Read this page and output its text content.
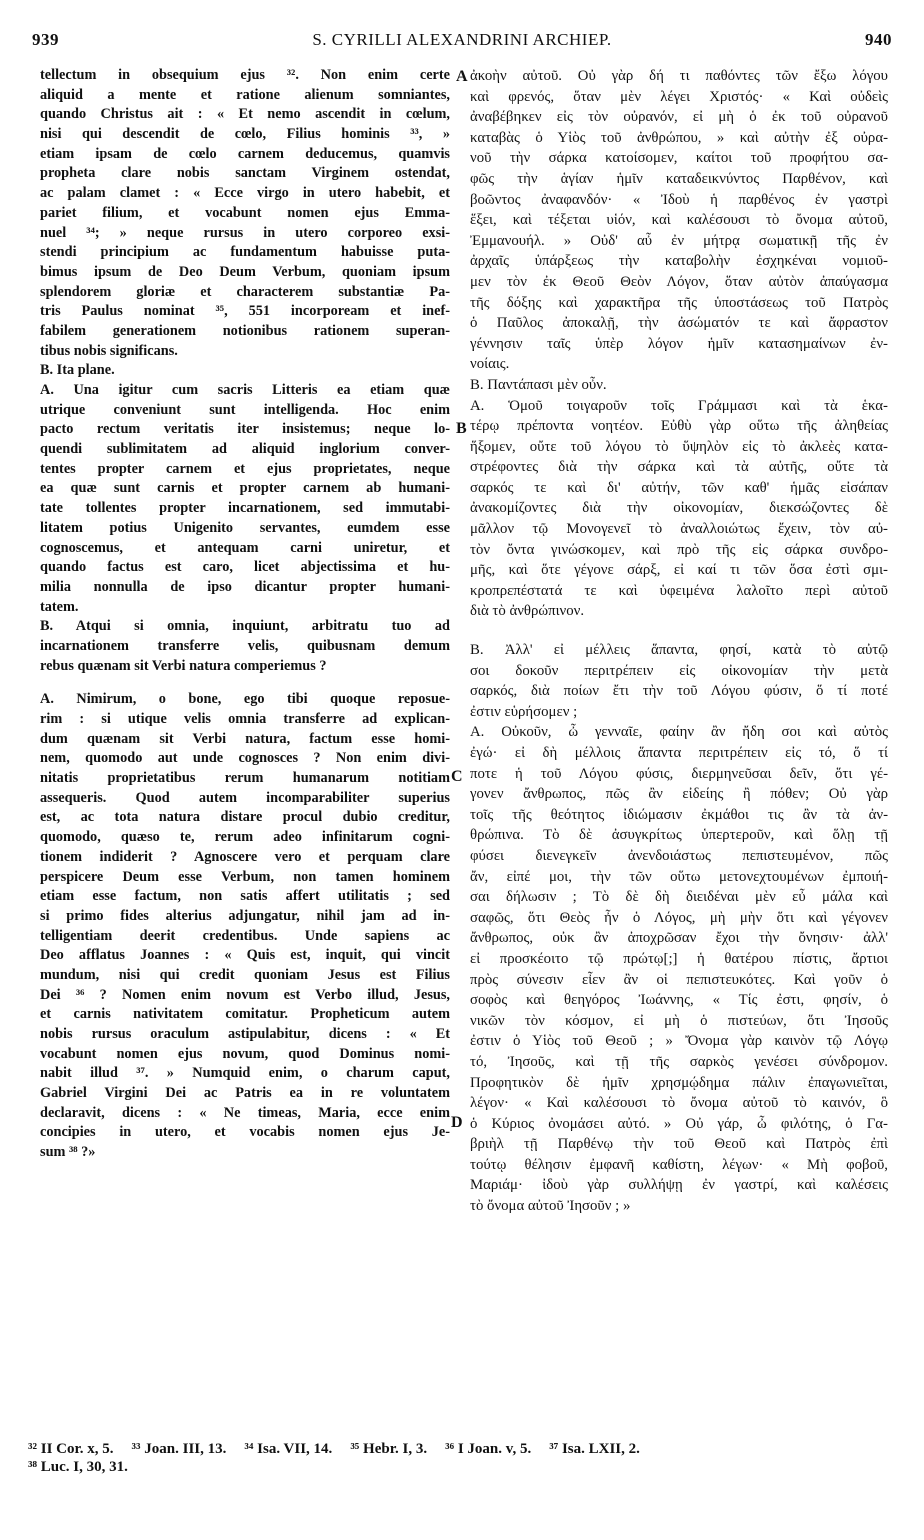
939	S. CYRILLI ALEXANDRINI ARCHIEP.	940
tellectum in obsequium ejus ³². Non enim certe
aliquid a mente et ratione alienum somniantes,
quando Christus ait : « Et nemo ascendit in cœlum,
nisi qui descendit de cœlo, Filius hominis ³³, »
etiam ipsam de cœlo carnem deducemus, quamvis
propheta clare nobis sanctam Virginem ostendat,
ac palam clamet : « Ecce virgo in utero habebit, et
pariet filium, et vocabunt nomen ejus Emma-
nuel ³⁴; » neque rursus in utero corporeo exsi-
stendi principium ac fundamentum habuisse puta-
bimus ipsum de Deo Deum Verbum, quoniam ipsum
splendorem gloriæ et characterem substantiæ Pa-
tris Paulus nominat ³⁵, 551 incorpoream et inef-
fabilem generationem notionibus rationem superan-
tibus nobis significans.
B. Ita plane.
A. Una igitur cum sacris Litteris ea etiam quæ
utrique conveniunt sunt intelligenda. Hoc enim
pacto rectum veritatis iter insistemus; neque lo-
quendi sublimitatem ad aliquid inglorium conver-
tentes propter carnem et ejus proprietates, neque
ea quæ sunt carnis et propter carnem ab humani-
tate tollentes propter incarnationem, sed immutabi-
litatem potius Unigenito servantes, eumdem esse
cognoscemus, et antequam carni uniretur, et
quando factus est caro, licet abjectissima et hu-
milia nonnulla de ipso dicantur propter humani-
tatem.
B. Atqui si omnia, inquiunt, arbitratu tuo ad
incarnationem transferre velis, quibusnam demum
rebus quænam sit Verbi natura comperiemus ?
A. Nimirum, o bone, ego tibi quoque reposue-
rim : si utique velis omnia transferre ad explican-
dum quænam sit Verbi natura, factum esse homi-
nem, quomodo aut unde cognosces ? Non enim divi-
nitatis proprietatibus rerum humanarum notitiam
assequeris. Quod autem incomparabiliter superius
est, ac tota natura distare procul dubio creditur,
quomodo, quæso te, rerum adeo infinitarum cogni-
tionem indiderit ? Agnoscere vero et perquam clare
perspicere Deum esse Verbum, non tamen hominem
etiam esse factum, non satis affert utilitatis ; sed
si primo fides alterius adjungatur, nihil jam ad in-
telligentiam deerit credentibus. Unde sapiens ac
Deo afflatus Joannes : « Quis est, inquit, qui vincit
mundum, nisi qui credit quoniam Jesus est Filius
Dei ³⁶ ? Nomen enim novum est Verbo illud, Jesus,
et carnis nativitatem comitatur. Propheticum autem
nobis rursus oraculum astipulabitur, dicens : « Et
vocabunt nomen ejus novum, quod Dominus nomi-
nabit illud ³⁷. » Numquid enim, o charum caput,
Gabriel Virgini Dei ac Patris ea in re voluntatem
declaravit, dicens : « Ne timeas, Maria, ecce enim
concipies in utero, et vocabis nomen ejus Je-
sum ³⁸ ?»
ἀκοὴν αὐτοῦ. Οὐ γὰρ δή τι παθόντες τῶν ἔξω λόγου
καὶ φρενός, ὅταν μὲν λέγει Χριστός· « Καὶ οὐδεὶς
ἀναβέβηκεν εἰς τὸν οὐρανόν, εἰ μὴ ὁ ἐκ τοῦ οὐρανοῦ
καταβὰς ὁ Υἱὸς τοῦ ἀνθρώπου, » καὶ αὐτὴν ἐξ οὐρα-
νοῦ τὴν σάρκα κατοίσομεν, καίτοι τοῦ προφήτου σα-
φῶς τὴν ἁγίαν ἡμῖν καταδεικνύντος Παρθένον, καὶ
βοῶντος ἀναφανδόν· « Ἰδοὺ ἡ παρθένος ἐν γαστρὶ
ἕξει, καὶ τέξεται υἱόν, καὶ καλέσουσι τὸ ὄνομα αὐτοῦ,
Ἐμμανουήλ. » Οὐδ' αὖ ἐν μήτρᾳ σωματικῇ τῆς ἐν
ἀρχαῖς ὑπάρξεως τὴν καταβολὴν ἐσχηκέναι νομιοῦ-
μεν τὸν ἐκ Θεοῦ Θεὸν Λόγον, ὅταν αὐτὸν ἀπαύγασμα
τῆς δόξης καὶ χαρακτῆρα τῆς ὑποστάσεως τοῦ Πατρὸς
ὁ Παῦλος ἀποκαλῇ, τὴν ἀσώματόν τε καὶ ἄφραστον
γέννησιν ταῖς ὑπὲρ λόγον ἡμῖν κατασημαίνων ἐν-
νοίαις.
Β. Παντάπασι μὲν οὖν.
Α. Ὁμοῦ τοιγαροῦν τοῖς Γράμμασι καὶ τὰ ἑκα-
τέρῳ πρέποντα νοητέον. Εὐθὺ γὰρ οὕτω τῆς ἀληθείας
ἥξομεν, οὔτε τοῦ λόγου τὸ ὕψηλὸν εἰς τὸ ἀκλεὲς κατα-
στρέφοντες διὰ τὴν σάρκα καὶ τὰ αὐτῆς, οὔτε τὰ
σαρκός τε καὶ δι' αὐτήν, τῶν καθ' ἡμᾶς εἰσάπαν
ἀνακομίζοντες διὰ τὴν οἰκονομίαν, διεκσώζοντες δὲ
μᾶλλον τῷ Μονογενεῖ τὸ ἀναλλοιώτως ἔχειν, τὸν αὐ-
τὸν ὄντα γινώσκομεν, καὶ πρὸ τῆς εἰς σάρκα συνδρο-
μῆς, καὶ ὅτε γέγονε σάρξ, εἰ καί τι τῶν ὅσα ἐστὶ σμι-
κροπρεπέστατά τε καὶ ὑφειμένα λαλοῖτο περὶ αὐτοῦ
διὰ τὸ ἀνθρώπινον.
Β. Ἀλλ' εἰ μέλλεις ἅπαντα, φησί, κατὰ τὸ αὐτῷ
σοι δοκοῦν περιτρέπειν εἰς οἰκονομίαν τὴν μετὰ
σαρκός, διὰ ποίων ἔτι τὴν τοῦ Λόγου φύσιν, ὅ τί ποτέ
ἐστιν εὑρήσομεν ;
Α. Οὐκοῦν, ὦ γενναῖε, φαίην ἂν ἤδη σοι καὶ αὐτὸς
ἐγώ· εἰ δὴ μέλλοις ἅπαντα περιτρέπειν εἰς τό, ὅ τί
ποτε ἡ τοῦ Λόγου φύσις, διερμηνεῦσαι δεῖν, ὅτι γέ-
γονεν ἄνθρωπος, πῶς ἂν εἰδείης ἢ πόθεν; Οὐ γὰρ
τοῖς τῆς θεότητος ἰδιώμασιν ἐκμάθοι τις ἂν τὰ ἀν-
θρώπινα. Τὸ δὲ ἀσυγκρίτως ὑπερτεροῦν, καὶ ὅλῃ τῇ
φύσει διενεγκεῖν ἀνενδοιάστως πεπιστευμένον, πῶς
ἄν, εἰπέ μοι, τὴν τῶν οὕτω μετονεχτουμένων ἐμποιή-
σαι δήλωσιν ; Τὸ δὲ δὴ διειδέναι μὲν εὖ μάλα καὶ
σαφῶς, ὅτι Θεὸς ἦν ὁ Λόγος, μὴ μὴν ὅτι καὶ γέγονεν
ἄνθρωπος, οὐκ ἂν ἀποχρῶσαν ἔχοι τὴν ὄνησιν· ἀλλ'
εἰ προσκέοιτο τῷ πρώτῳ[;] ἡ θατέρου πίστις, ἄρτιοι
πρὸς σύνεσιν εἶεν ἂν οἱ πεπιστευκότες. Καὶ γοῦν ὁ
σοφὸς καὶ θεηγόρος Ἰωάννης, « Τίς ἐστι, φησίν, ὁ
νικῶν τὸν κόσμον, εἰ μὴ ὁ πιστεύων, ὅτι Ἰησοῦς
ἐστιν ὁ Υἱὸς τοῦ Θεοῦ ; » Ὄνομα γὰρ καινὸν τῷ Λόγῳ
τό, Ἰησοῦς, καὶ τῇ τῆς σαρκὸς γενέσει σύνδρομον.
Προφητικὸν δὲ ἡμῖν χρησμῴδημα πάλιν ἐπαγωνιεῖται,
λέγον· « Καὶ καλέσουσι τὸ ὄνομα αὐτοῦ τὸ καινόν, ὃ
ὁ Κύριος ὀνομάσει αὐτό. » Οὐ γάρ, ὦ φιλότης, ὁ Γα-
βριὴλ τῇ Παρθένῳ τὴν τοῦ Θεοῦ καὶ Πατρὸς ἐπὶ
τούτῳ θέλησιν ἐμφανῆ καθίστη, λέγων· « Μὴ φοβοῦ,
Μαριάμ· ἰδοὺ γὰρ συλλήψῃ ἐν γαστρί, καὶ καλέσεις
τὸ ὄνομα αὐτοῦ Ἰησοῦν ; »
A
B
C
D
³² II Cor. x, 5. ³³ Joan. III, 13. ³⁴ Isa. VII, 14. ³⁵ Hebr. I, 3. ³⁶ I Joan. v, 5. ³⁷ Isa. LXII, 2.
³⁸ Luc. I, 30, 31.
